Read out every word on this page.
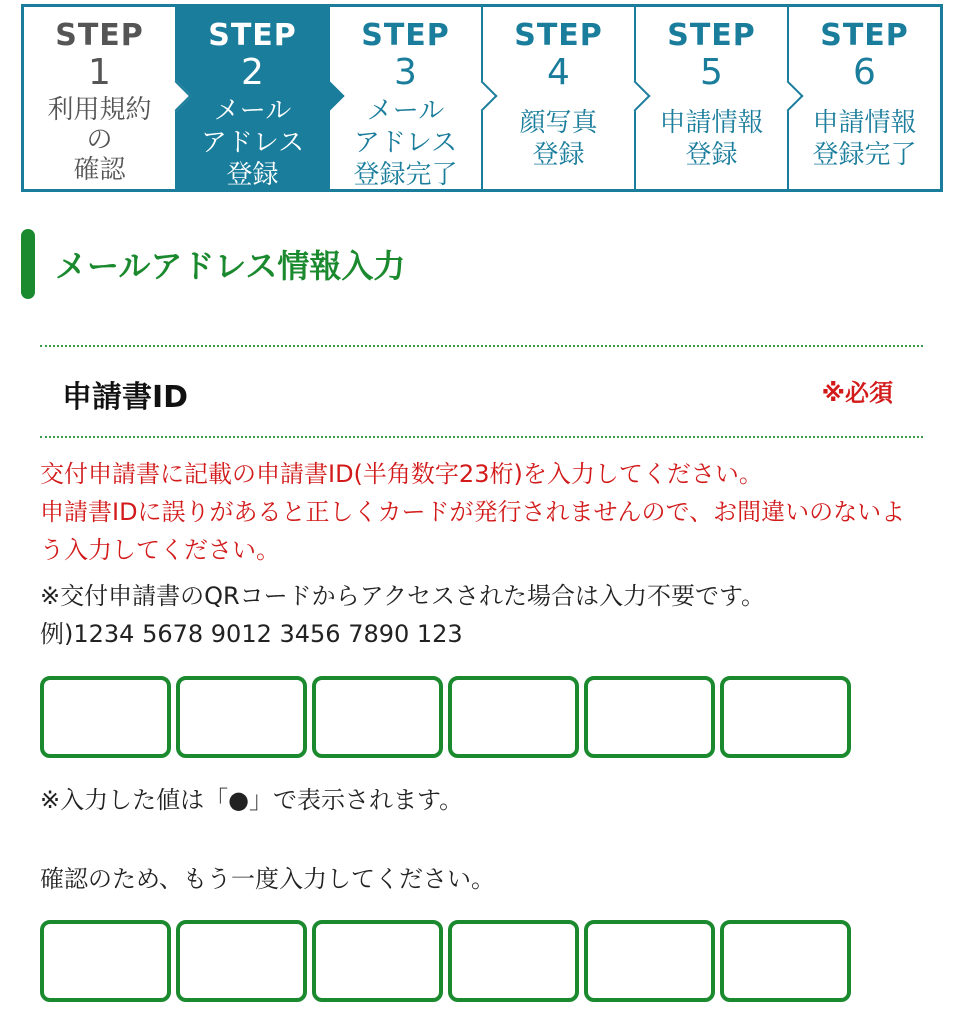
STEP
1
利用規約
の
確認
STEP
2
メール
アドレス
登録
STEP
3
メール
アドレス
登録完了
STEP
4
顔写真
登録
STEP
5
申請情報
登録
STEP
6
申請情報
登録完了
メールアドレス情報入力
申請書ID	※必須

交付申請書に記載の申請書ID(半角数字23桁)を入力してください。

申請書IDに誤りがあると正しくカードが発行されませんので、お間違いのないよう入力してください。

※交付申請書のQRコードからアクセスされた場合は入力不要です。
例)1234 5678 9012 3456 7890 123
※入力した値は「●」で表示されます。
確認のため、もう一度入力してください。
